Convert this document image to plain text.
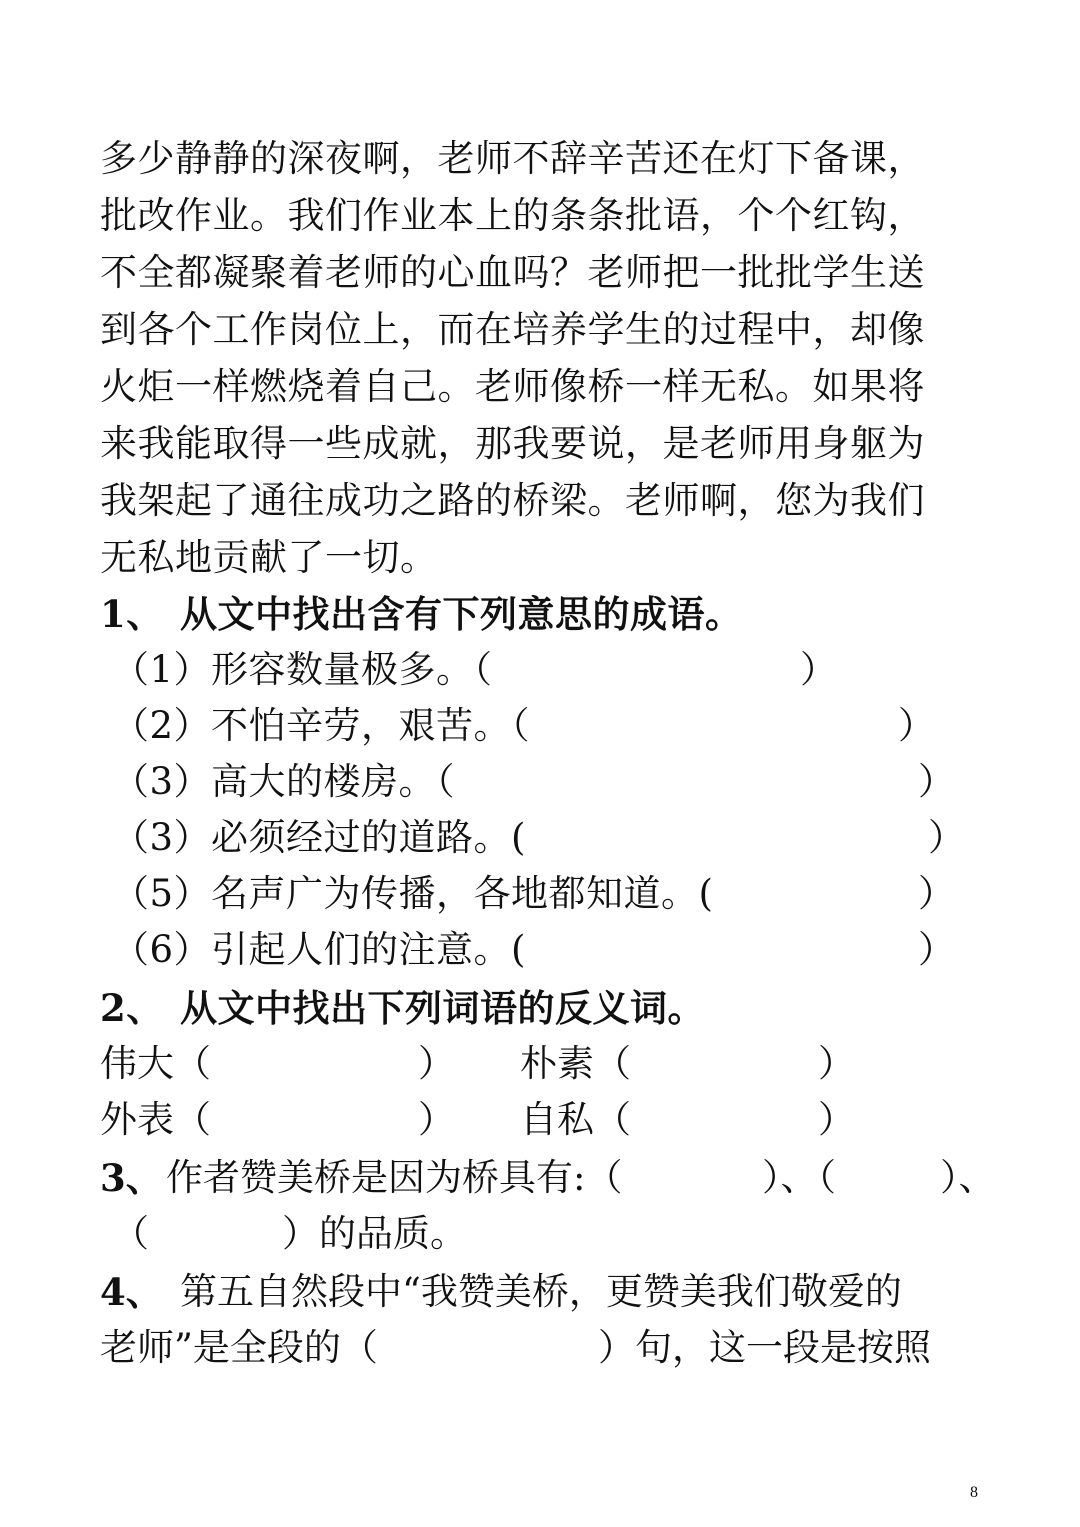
多少静静的深夜啊，老师不辞辛苦还在灯下备课，
批改作业。我们作业本上的条条批语，个个红钩，
不全都凝聚着老师的心血吗？老师把一批批学生送
到各个工作岗位上，而在培养学生的过程中，却像
火炬一样燃烧着自己。老师像桥一样无私。如果将
来我能取得一些成就，那我要说，是老师用身躯为
我架起了通往成功之路的桥梁。老师啊，您为我们
无私地贡献了一切。
1、 从文中找出含有下列意思的成语。
（1）形容数量极多。（	）
（2）不怕辛劳，艰苦。（	）
（3）高大的楼房。（	）
（3）必须经过的道路。(	）
（5）名声广为传播，各地都知道。(	）
（6）引起人们的注意。(	）
2、 从文中找出下列词语的反义词。
伟大（	） 朴素（	）
外表（	） 自私（	）
3、 作者赞美桥是因为桥具有:（	）、（	）、
（	）的品质。
4、 第五自然段中“我赞美桥，更赞美我们敬爱的
老师”是全段的（	）句，这一段是按照
8
